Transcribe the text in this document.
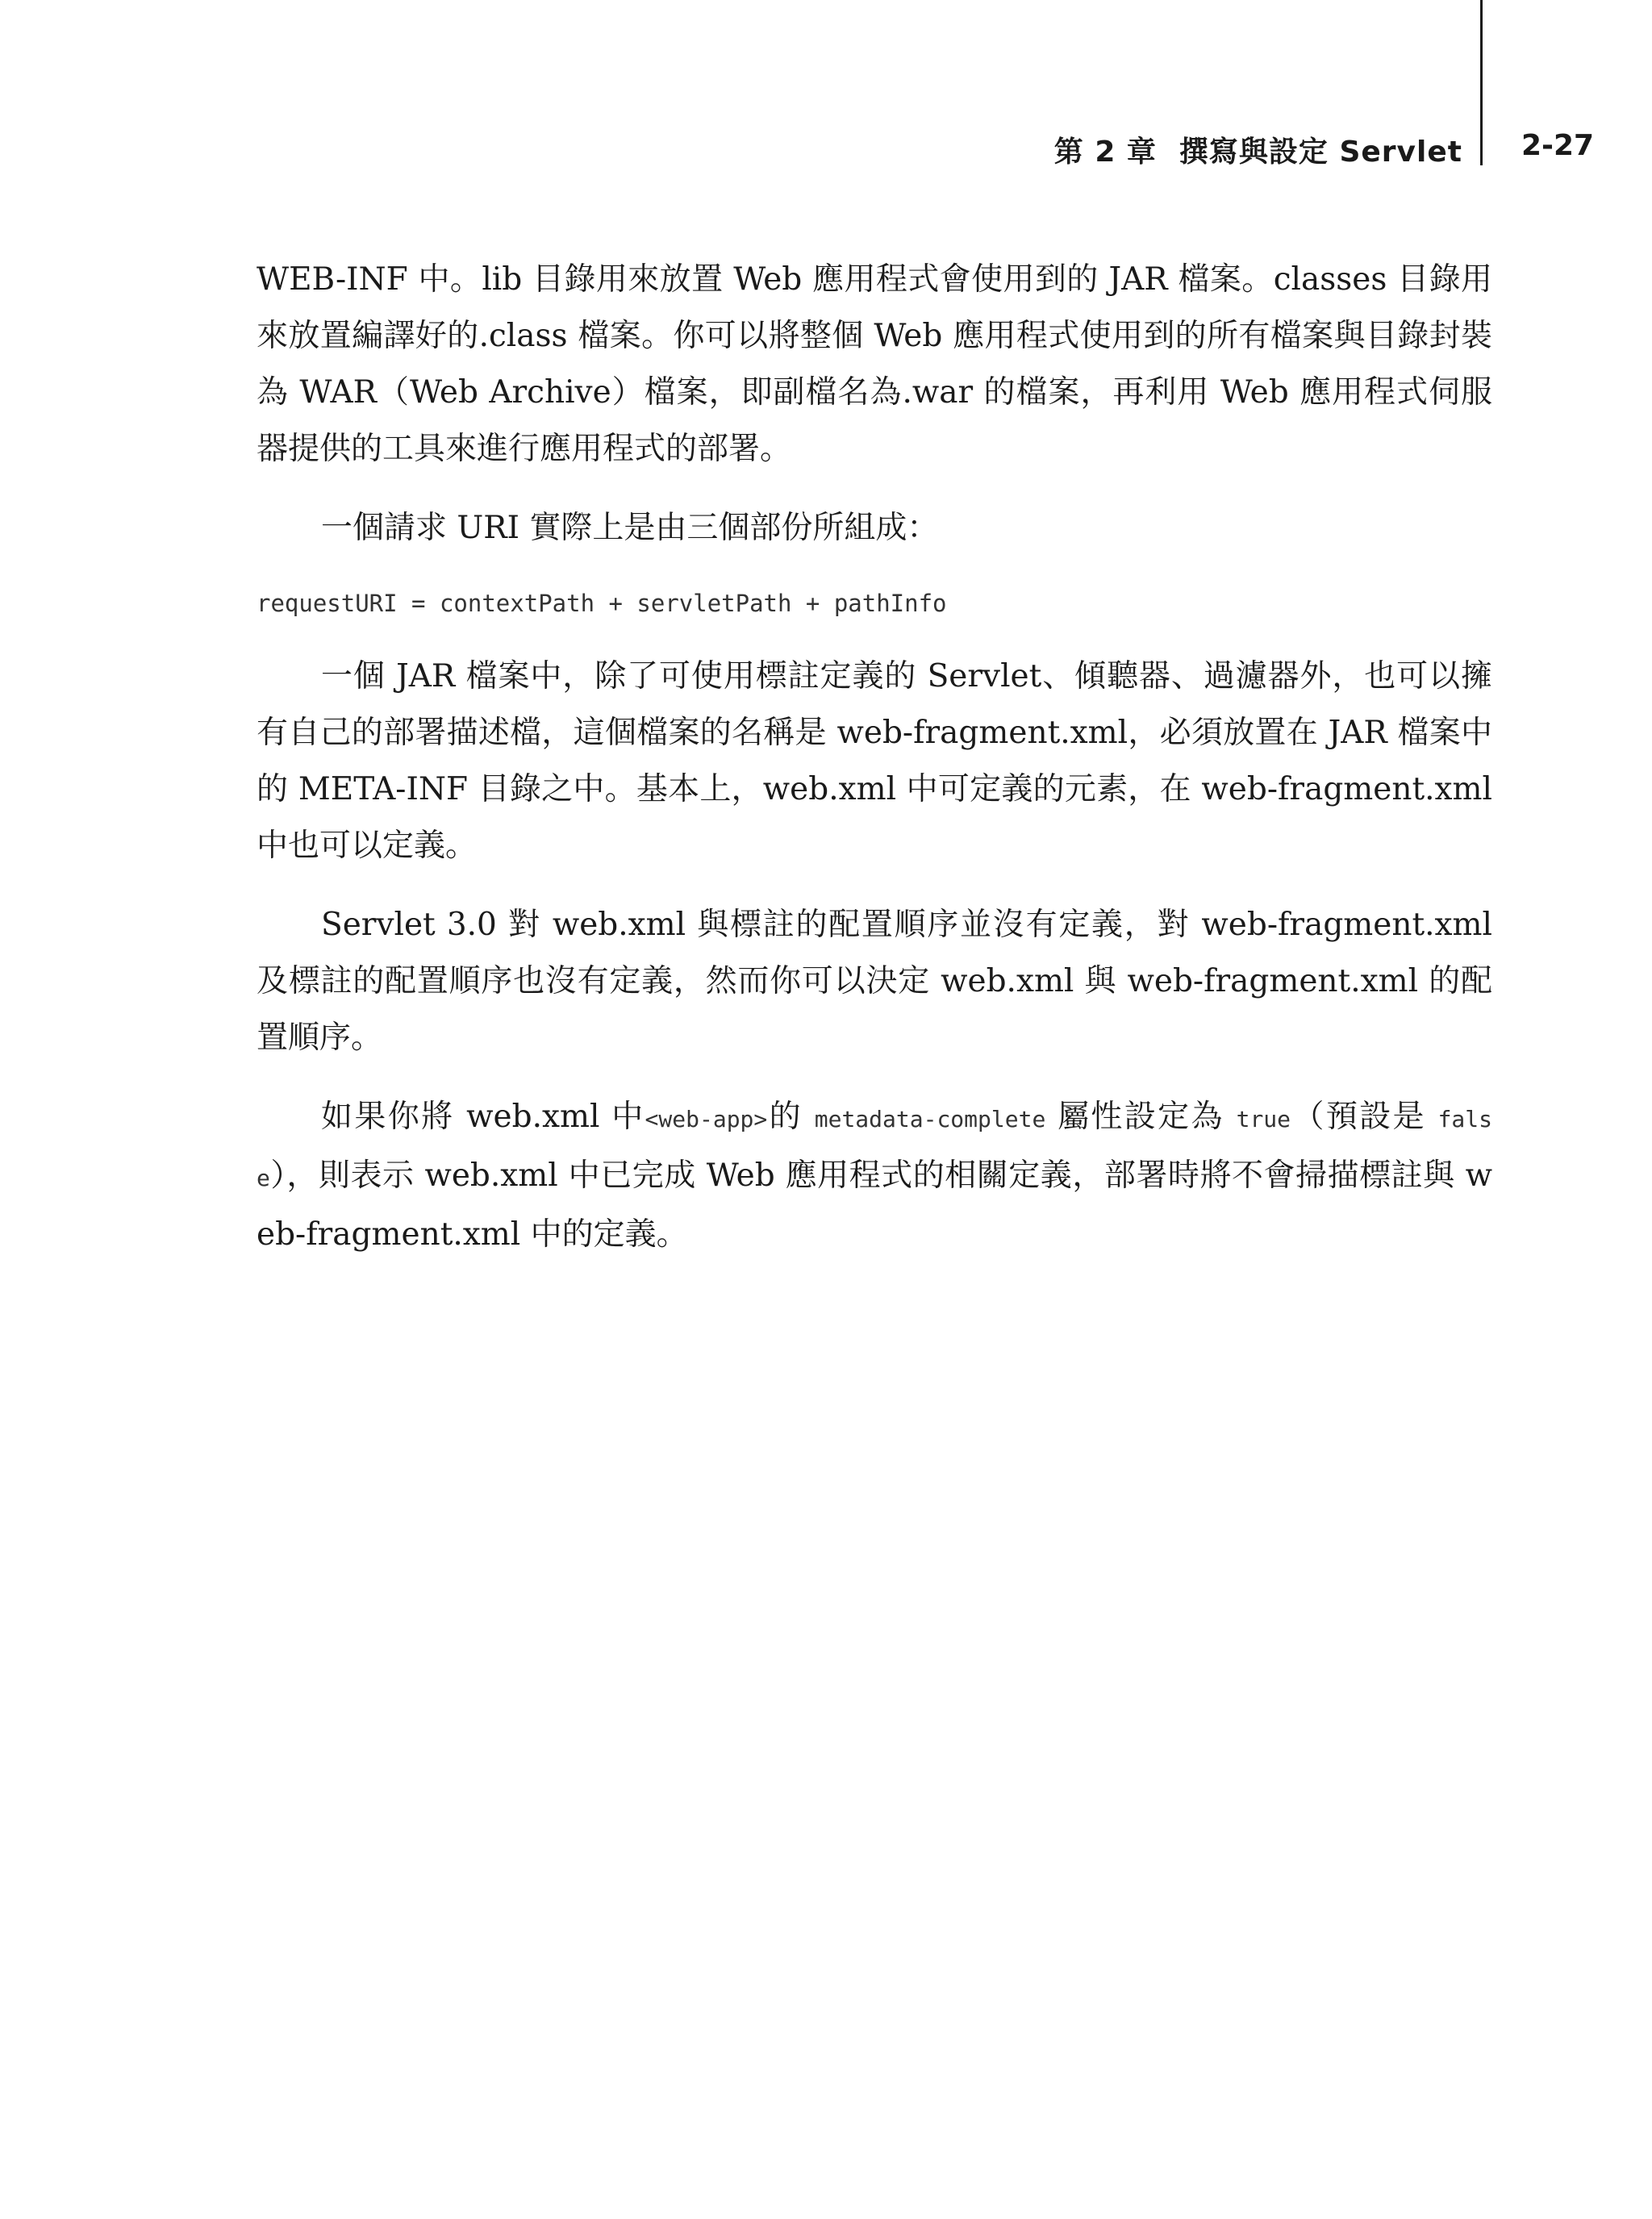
第 2 章 撰寫與設定 Servlet 2-27

WEB-INF 中。lib 目錄用來放置 Web 應用程式會使用到的 JAR 檔案。classes 目錄用來放置編譯好的.class 檔案。你可以將整個 Web 應用程式使用到的所有檔案與目錄封裝為 WAR（Web Archive）檔案，即副檔名為.war 的檔案，再利用 Web 應用程式伺服器提供的工具來進行應用程式的部署。

一個請求 URI 實際上是由三個部份所組成：

requestURI = contextPath + servletPath + pathInfo

一個 JAR 檔案中，除了可使用標註定義的 Servlet、傾聽器、過濾器外，也可以擁有自己的部署描述檔，這個檔案的名稱是 web-fragment.xml，必須放置在 JAR 檔案中的 META-INF 目錄之中。基本上，web.xml 中可定義的元素，在 web-fragment.xml 中也可以定義。

Servlet 3.0 對 web.xml 與標註的配置順序並沒有定義，對 web-fragment.xml 及標註的配置順序也沒有定義，然而你可以決定 web.xml 與 web-fragment.xml 的配置順序。

如果你將 web.xml 中<web-app>的 metadata-complete 屬性設定為 true（預設是 false），則表示 web.xml 中已完成 Web 應用程式的相關定義，部署時將不會掃描標註與 web-fragment.xml 中的定義。
